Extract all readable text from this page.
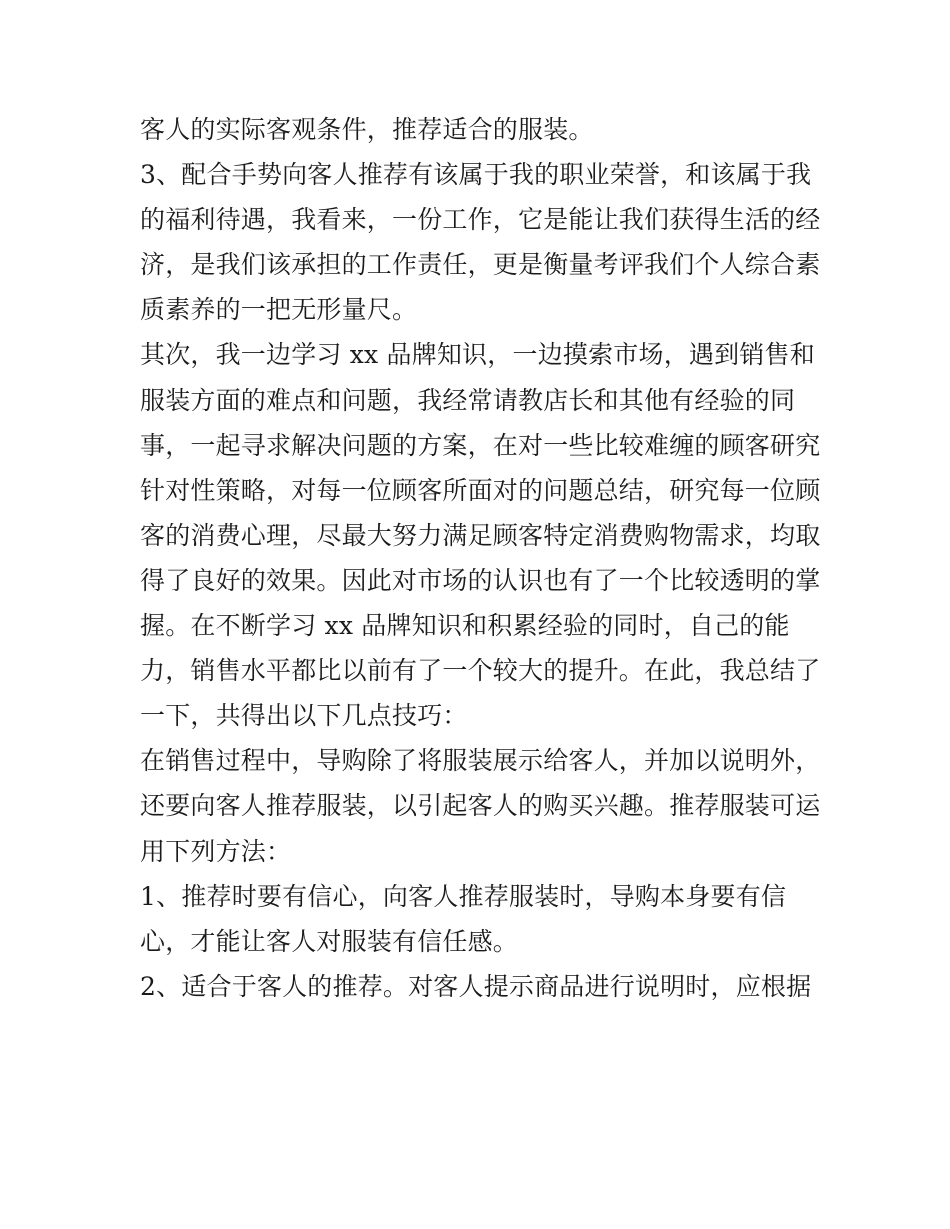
客人的实际客观条件，推荐适合的服装。
3、配合手势向客人推荐有该属于我的职业荣誉，和该属于我
的福利待遇，我看来，一份工作，它是能让我们获得生活的经
济，是我们该承担的工作责任，更是衡量考评我们个人综合素
质素养的一把无形量尺。
其次，我一边学习 xx 品牌知识，一边摸索市场，遇到销售和
服装方面的难点和问题，我经常请教店长和其他有经验的同
事，一起寻求解决问题的方案，在对一些比较难缠的顾客研究
针对性策略，对每一位顾客所面对的问题总结，研究每一位顾
客的消费心理，尽最大努力满足顾客特定消费购物需求，均取
得了良好的效果。因此对市场的认识也有了一个比较透明的掌
握。在不断学习 xx 品牌知识和积累经验的同时，自己的能
力，销售水平都比以前有了一个较大的提升。在此，我总结了
一下，共得出以下几点技巧：
在销售过程中，导购除了将服装展示给客人，并加以说明外，
还要向客人推荐服装，以引起客人的购买兴趣。推荐服装可运
用下列方法：
1、推荐时要有信心，向客人推荐服装时，导购本身要有信
心，才能让客人对服装有信任感。
2、适合于客人的推荐。对客人提示商品进行说明时，应根据
